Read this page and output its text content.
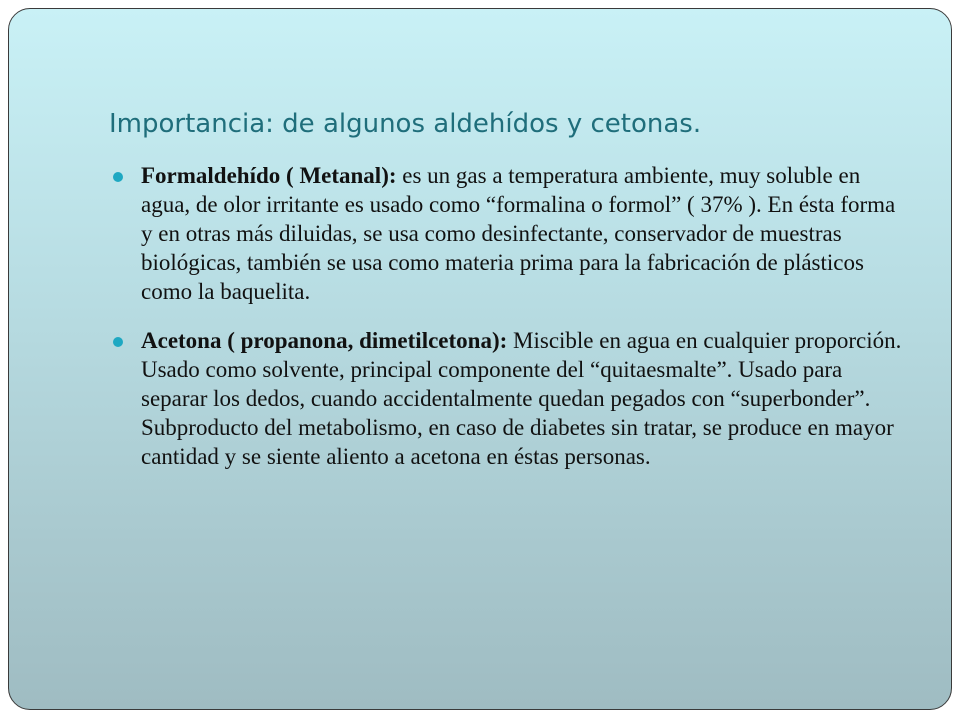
Importancia: de algunos aldehídos y cetonas.
Formaldehído ( Metanal): es un gas a temperatura ambiente, muy soluble en agua, de olor irritante es usado como “formalina o formol” ( 37% ). En ésta forma y en otras más diluidas, se usa como desinfectante, conservador de muestras biológicas, también se usa como materia prima para la fabricación de plásticos como la baquelita.
Acetona ( propanona, dimetilcetona): Miscible en agua en cualquier proporción. Usado como solvente, principal componente del “quitaesmalte”. Usado para separar los dedos, cuando accidentalmente quedan pegados con “superbonder”. Subproducto del metabolismo, en caso de diabetes sin tratar, se produce en mayor cantidad y se siente aliento a acetona en éstas personas.
